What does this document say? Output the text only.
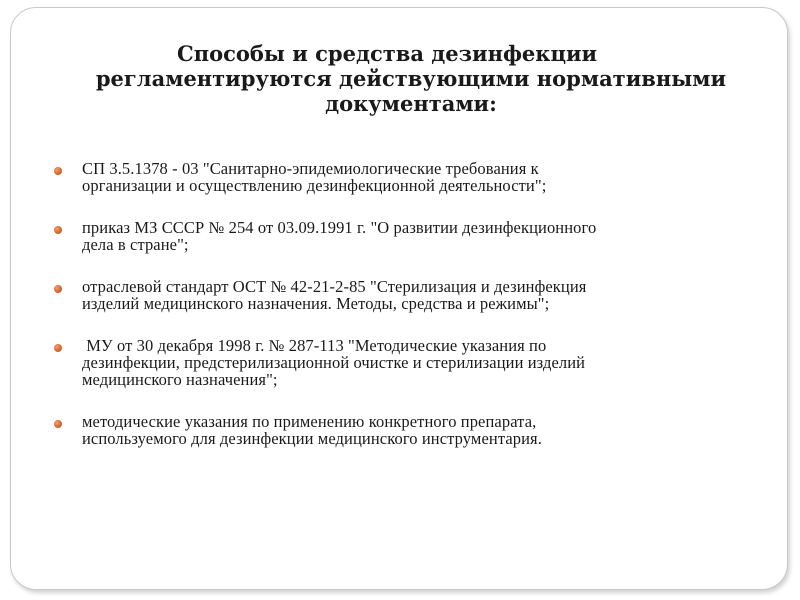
Способы и средства дезинфекции
регламентируются действующими нормативными
документами:
СП 3.5.1378 - 03 "Санитарно-эпидемиологические требования к
организации и осуществлению дезинфекционной деятельности";
приказ МЗ СССР № 254 от 03.09.1991 г. "О развитии дезинфекционного
дела в стране";
отраслевой стандарт ОСТ № 42-21-2-85 "Стерилизация и дезинфекция
изделий медицинского назначения. Методы, средства и режимы";
МУ от 30 декабря 1998 г. № 287-113 "Методические указания по
дезинфекции, предстерилизационной очистке и стерилизации изделий
медицинского назначения";
методические указания по применению конкретного препарата,
используемого для дезинфекции медицинского инструментария.
